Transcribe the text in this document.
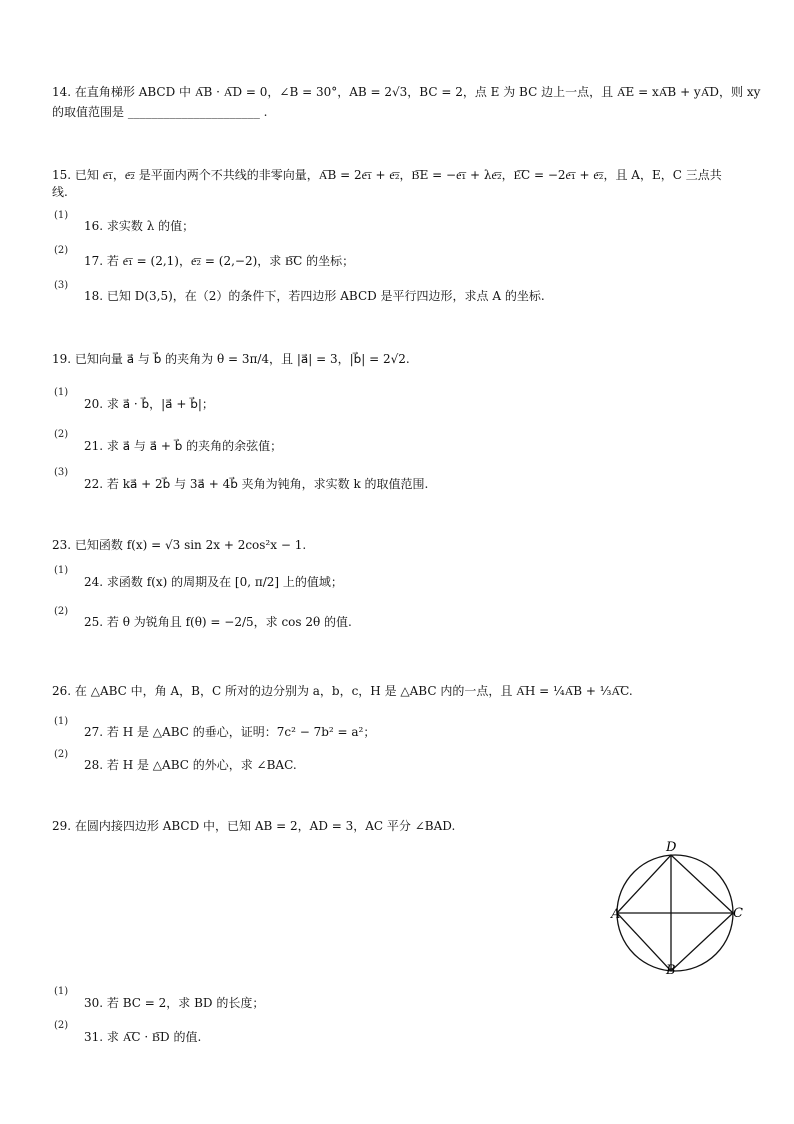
14. 在直角梯形 ABCD 中 A͞B · A͞D = 0，∠B = 30°，AB = 2√3，BC = 2，点 E 为 BC 边上一点，且 A͞E = xA͞B + yA͞D，则 xy
的取值范围是 ______________________ .
15. 已知 e͞₁，e͞₂ 是平面内两个不共线的非零向量，A͞B = 2e͞₁ + e͞₂，B͞E = −e͞₁ + λe͞₂，E͞C = −2e͞₁ + e͞₂，且 A，E，C 三点共
线.
(1)
16. 求实数 λ 的值；
(2)
17. 若 e͞₁ = (2,1)，e͞₂ = (2,−2)，求 B͞C 的坐标；
(3)
18. 已知 D(3,5)，在（2）的条件下，若四边形 ABCD 是平行四边形，求点 A 的坐标.
19. 已知向量 a⃗ 与 b⃗ 的夹角为 θ = 3π/4，且 |a⃗| = 3，|b⃗| = 2√2.
(1)
20. 求 a⃗ · b⃗，|a⃗ + b⃗|；
(2)
21. 求 a⃗ 与 a⃗ + b⃗ 的夹角的余弦值；
(3)
22. 若 ka⃗ + 2b⃗ 与 3a⃗ + 4b⃗ 夹角为钝角，求实数 k 的取值范围.
23. 已知函数 f(x) = √3 sin 2x + 2cos²x − 1.
(1)
24. 求函数 f(x) 的周期及在 [0, π/2] 上的值域；
(2)
25. 若 θ 为锐角且 f(θ) = −2/5，求 cos 2θ 的值.
26. 在 △ABC 中，角 A，B，C 所对的边分别为 a，b，c，H 是 △ABC 内的一点，且 A͞H = ¼A͞B + ⅓A͞C.
(1)
27. 若 H 是 △ABC 的垂心，证明：7c² − 7b² = a²；
(2)
28. 若 H 是 △ABC 的外心，求 ∠BAC.
29. 在圆内接四边形 ABCD 中，已知 AB = 2，AD = 3，AC 平分 ∠BAD.
D
A	C
B
(1)
30. 若 BC = 2，求 BD 的长度；
(2)
31. 求 A͞C · B͞D 的值.
